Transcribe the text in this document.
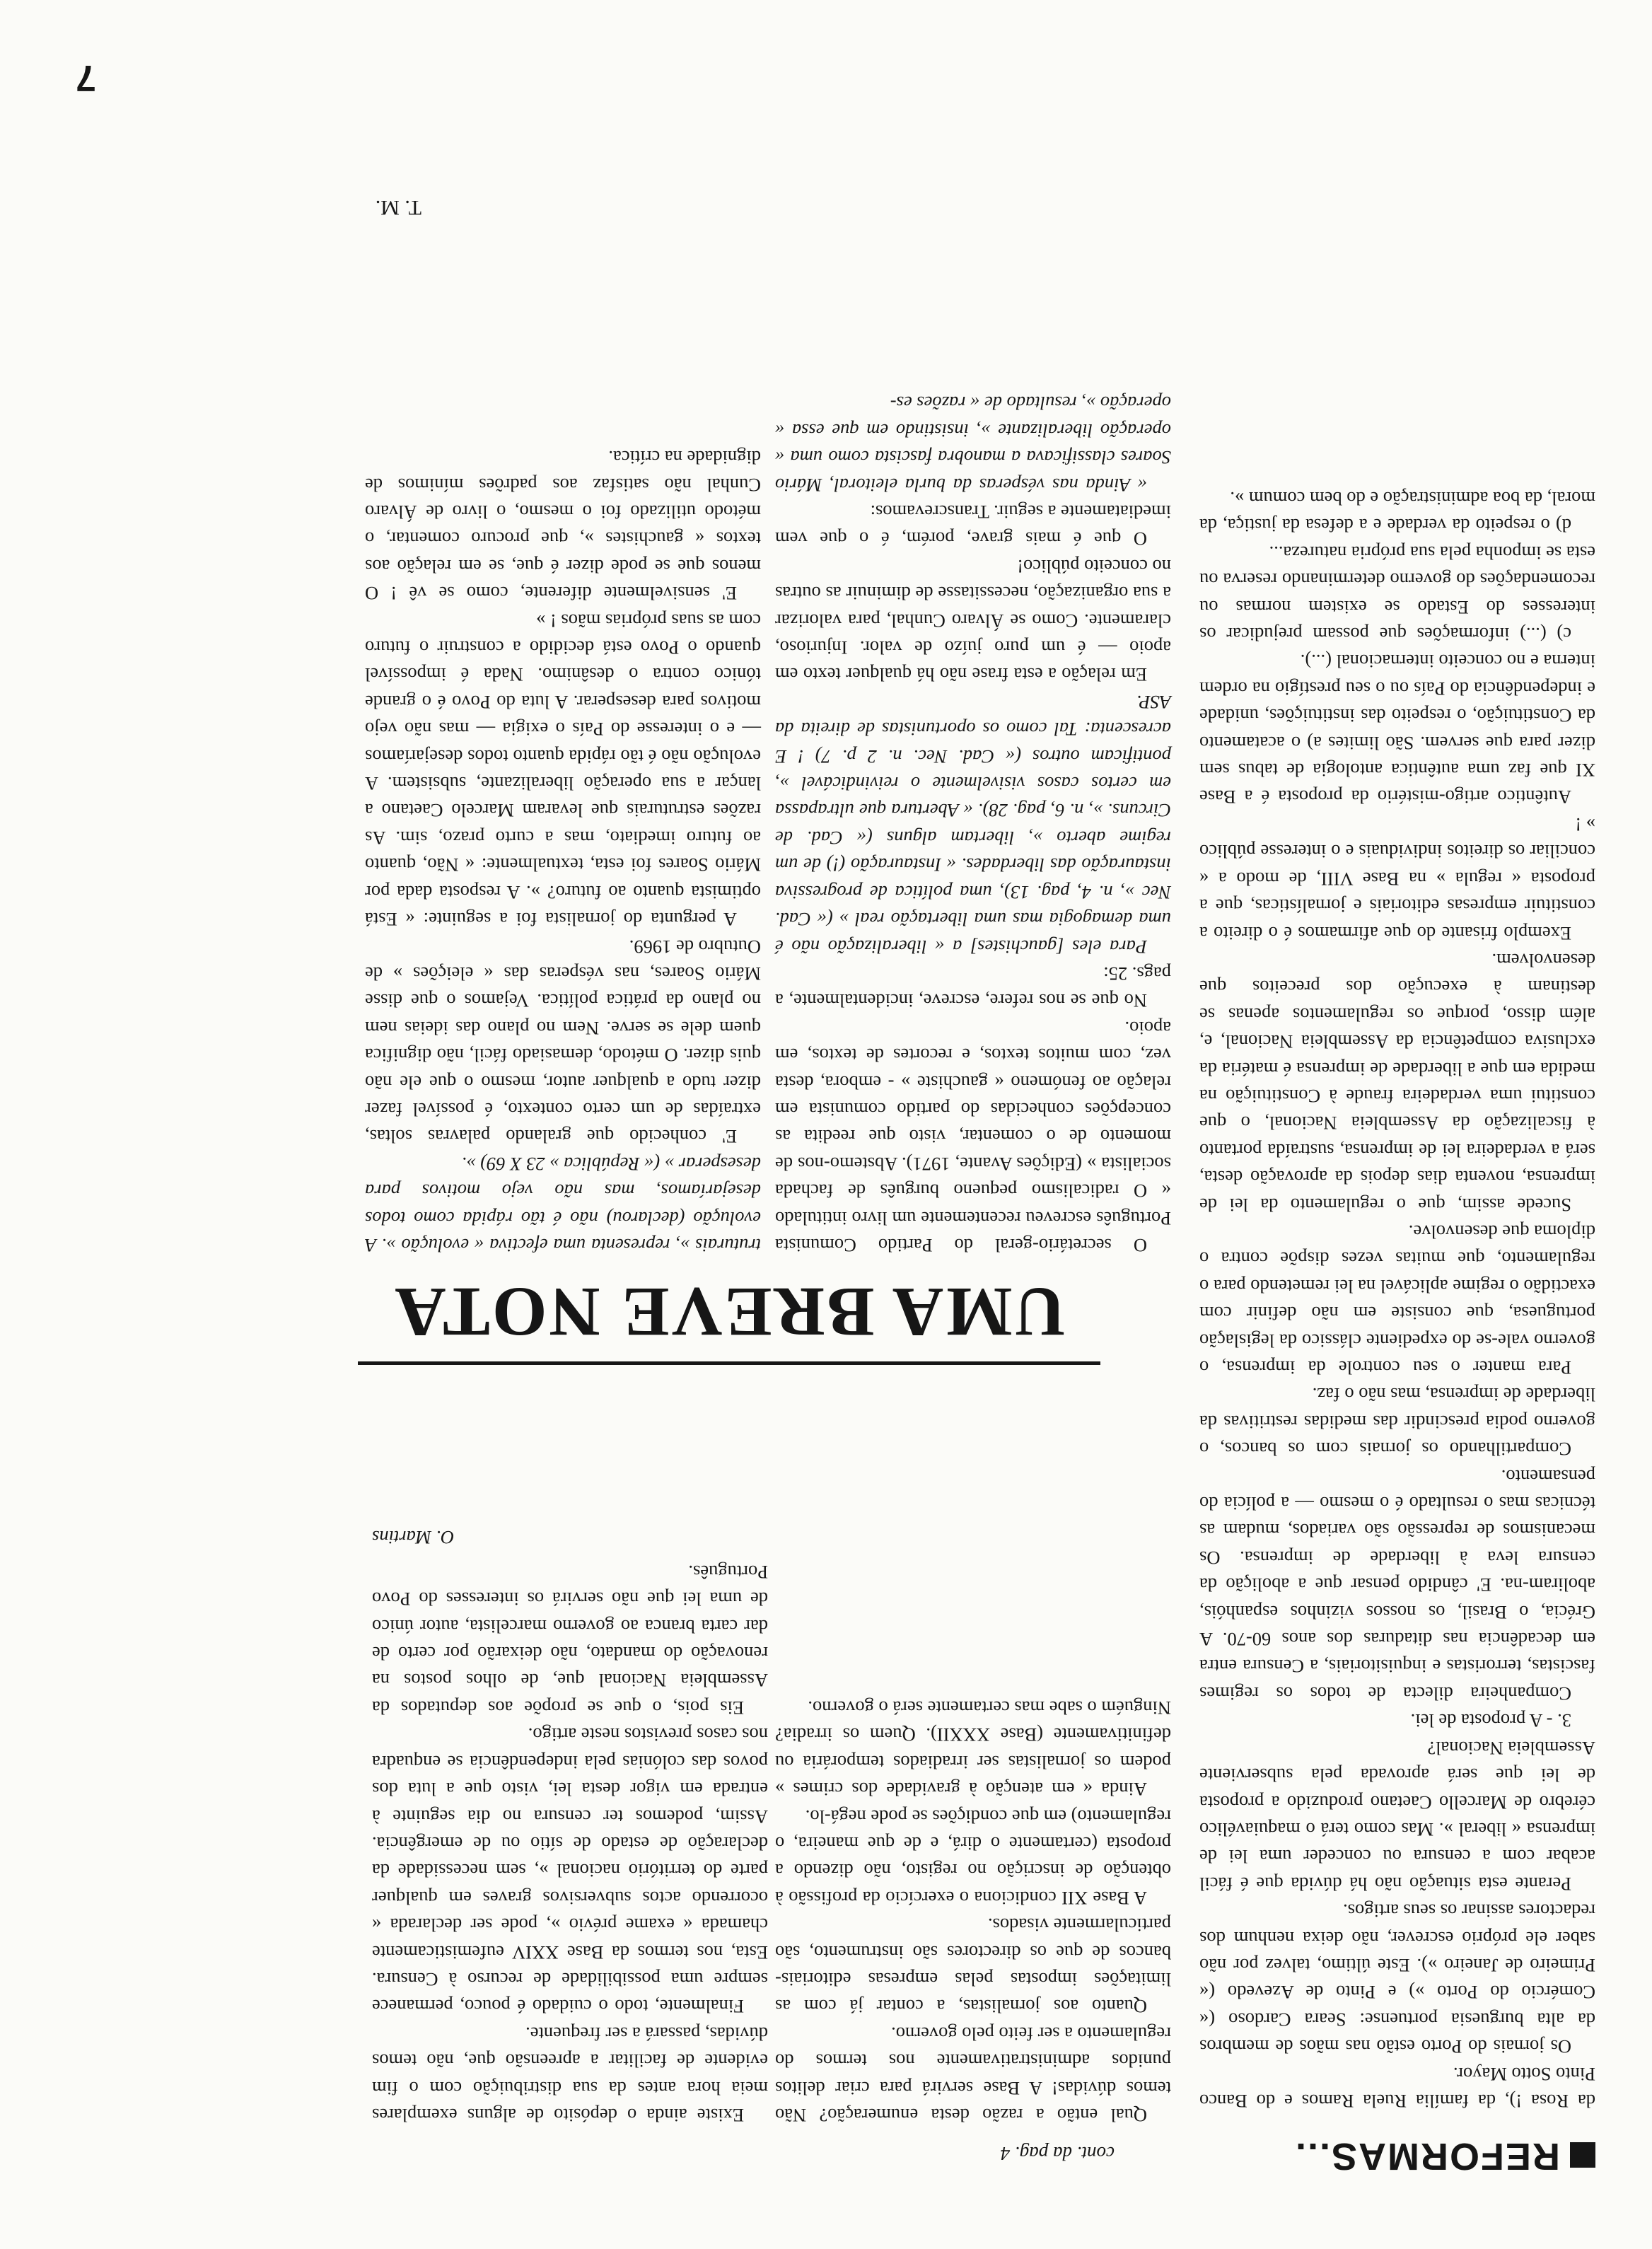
REFORMAS...
cont. da pag. 4

da Rosa !), da família Ruela Ramos e do Banco Pinto Sotto Mayor.

Os jornais do Porto estão nas mãos de membros da alta burguesia portuense: Seara Cardoso (« Comércio do Porto ») e Pinto de Azevedo (« Primeiro de Janeiro »). Este último, talvez por não saber ele próprio escrever, não deixa nenhum dos redactores assinar os seus artigos.

Perante esta situação não há dúvida que é fácil acabar com a censura ou conceder uma lei de imprensa « liberal ». Mas como terá o maquiavélico cérebro de Marcello Caetano produzido a proposta de lei que será aprovada pela subserviente Assembleia Nacional?

3. - A proposta de lei.

Companheira dilecta de todos os regimes fascistas, terroristas e inquisitoriais, a Censura entra em decadência nas ditaduras dos anos 60-70. A Grécia, o Brasil, os nossos vizinhos espanhóis, aboliram-na. E' cândido pensar que a abolição da censura leva à liberdade de imprensa. Os mecanismos de repressão são variados, mudam as técnicas mas o resultado é o mesmo — a polícia do pensamento.

Compartilhando os jornais com os bancos, o governo podia prescindir das medidas restritivas da liberdade de imprensa, mas não o faz.

Para manter o seu controle da imprensa, o governo vale-se do expediente clássico da legislação portuguesa, que consiste em não definir com exactidão o regime aplicável na lei remetendo para o regulamento, que muitas vezes dispõe contra o diploma que desenvolve.

Sucede assim, que o regulamento da lei de imprensa, noventa dias depois da aprovação desta, será a verdadeira lei de imprensa, sustraída portanto à fiscalização da Assembleia Nacional, o que constitui uma verdadeira fraude à Constituição na medida em que a liberdade de imprensa é matéria da exclusiva competência da Assembleia Nacional, e, além disso, porque os regulamentos apenas se destinam à execução dos preceitos que desenvolvem.

Exemplo frisante do que afirmamos é o direito a constituir empresas editoriais e jornalísticas, que a proposta « regula » na Base VIII, de modo a « conciliar os direitos individuais e o interesse público » !

Autêntico artigo-mistério da proposta é a Base XI que faz uma autêntica antologia de tabus sem dizer para que servem. São limites a) o acatamento da Constituição, o respeito das instituições, unidade e independência do País ou o seu prestígio na ordem interna e no conceito internacional (...).

c) (...) informações que possam prejudicar os interesses do Estado se existem normas ou recomendações do governo determinando reserva ou esta se imponha pela sua própria natureza...

d) o respeito da verdade e a defesa da justiça, da moral, da boa administração e do bem comum ».

Qual então a razão desta enumeração? Não temos dúvidas! A Base servirá para criar delitos punidos administrativamente nos termos do regulamento a ser feito pelo governo.

Quanto aos jornalistas, a contar já com as limitações impostas pelas empresas editoriais-bancos de que os directores são instrumento, são particularmente visados.

A Base XII condiciona o exercício da profissão à obtenção de inscrição no registo, não dizendo a proposta (certamente o dirá, e de que maneira, o regulamento) em que condições se pode negá-lo.

Ainda « em atenção à gravidade dos crimes » podem os jornalistas ser irradiados temporária ou definitivamente (Base XXXII). Quem os irradia? Ninguém o sabe mas certamente será o governo.

Existe ainda o depósito de alguns exemplares meia hora antes da sua distribuição com o fim evidente de facilitar a apreensão que, não temos dúvidas, passará a ser frequente.

Finalmente, todo o cuidado é pouco, permanece sempre uma possibilidade de recurso à Censura. Esta, nos termos da Base XXIV eufemisticamente chamada « exame prévio », pode ser declarada « ocorrendo actos subversivos graves em qualquer parte do território nacional », sem necessidade da declaração de estado de sítio ou de emergência. Assim, podemos ter censura no dia seguinte à entrada em vigor desta lei, visto que a luta dos povos das colónias pela independência se enquadra nos casos previstos neste artigo.

Eis pois, o que se propõe aos deputados da Assembleia Nacional que, de olhos postos na renovação do mandato, não deixarão por certo de dar carta branca ao governo marcelista, autor único de uma lei que não servirá os interesses do Povo Português.

O. Martins

UMA BREVE NOTA

O secretário-geral do Partido Comunista Português escreveu recentemente um livro intitulado « O radicalismo pequeno burguês de fachada socialista » (Edições Avante, 1971). Abstemo-nos de momento de o comentar, visto que reedita as concepções conhecidas do partido comunista em relação ao fenómeno « gauchiste » - embora, desta vez, com muitos textos, e recortes de textos, em apoio.

No que se nos refere, escreve, incidentalmente, a pags. 25:

Para eles [gauchistes] a « liberalização não é uma demagogia mas uma libertação real » (« Cad. Nec », n. 4, pag. 13), uma política de progressiva instauração das liberdades. « Instauração (!) de um regime aberto », libertam alguns (« Cad. de Circuns. », n. 6, pag. 28). « Abertura que ultrapassa em certos casos visivelmente o reivindicável », pontificam outros (« Cad. Nec. n. 2 p. 7) ! E acrescenta: Tal como os oportunistas de direita da ASP.

Em relação a esta frase não há qualquer texto em apoio — é um puro juízo de valor. Injurioso, claramente. Como se Álvaro Cunhal, para valorizar a sua organização, necessitasse de diminuir as outras no conceito público!

O que é mais grave, porém, é o que vem imediatamente a seguir. Transcrevamos:

« Ainda nas vésperas da burla eleitoral, Mário Soares classificava a manobra fascista como uma « operação liberalizante », insistindo em que essa « operação », resultado de « razões es-

truturais », representa uma efectiva « evolução ». A evolução (declarou) não é tão rápida como todos desejaríamos, mas não vejo motivos para desesperar » (« República » 23 X 69) ».

E' conhecido que gralando palavras soltas, extraídas de um certo contexto, é possível fazer dizer tudo a qualquer autor, mesmo o que ele não quis dizer. O método, demasiado fácil, não dignifica quem dele se serve. Nem no plano das ideias nem no plano da prática política. Vejamos o que disse Mário Soares, nas vésperas das « eleições » de Outubro de 1969.

A pergunta do jornalista foi a seguinte: « Está optimista quanto ao futuro? ». A resposta dada por Mário Soares foi esta, textualmente: « Não, quanto ao futuro imediato, mas a curto prazo, sim. As razões estruturais que levaram Marcelo Caetano a lançar a sua operação liberalizante, subsistem. A evolução não é tão rápida quanto todos desejaríamos — e o interesse do País o exigia — mas não vejo motivos para desesperar. A luta do Povo é o grande tónico contra o desânimo. Nada é impossível quando o Povo está decidido a construir o futuro com as suas próprias mãos ! »

E' sensivelmente diferente, como se vê ! O menos que se pode dizer é que, se em relação aos textos « gauchistes », que procuro comentar, o método utilizado foi o mesmo, o livro de Álvaro Cunhal não satisfaz aos padrões mínimos de dignidade na crítica.

T. M.
7
